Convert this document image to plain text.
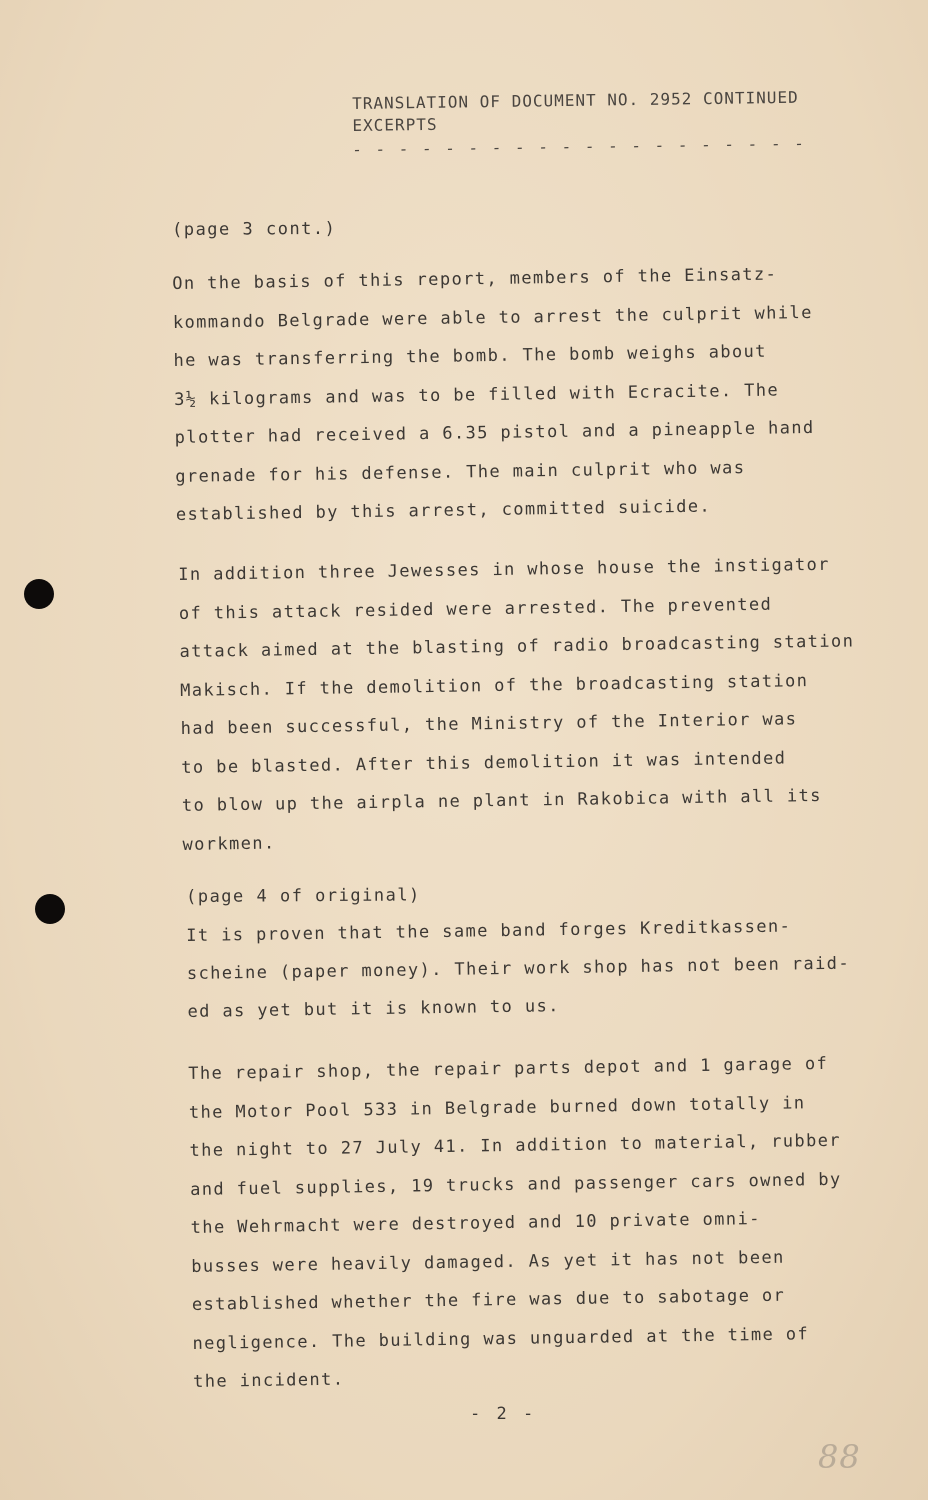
TRANSLATION OF DOCUMENT NO. 2952 CONTINUED
EXCERPTS
- - - - - - - - - - - - - - - - - - - -
(page 3 cont.)
On the basis of this report, members of the Einsatz-
kommando Belgrade were able to arrest the culprit while
he was transferring the bomb. The bomb weighs about
3½ kilograms and was to be filled with Ecracite. The
plotter had received a 6.35 pistol and a pineapple hand
grenade for his defense. The main culprit who was
established by this arrest, committed suicide.
In addition three Jewesses in whose house the instigator
of this attack resided were arrested. The prevented
attack aimed at the blasting of radio broadcasting station
Makisch. If the demolition of the broadcasting station
had been successful, the Ministry of the Interior was
to be blasted. After this demolition it was intended
to blow up the airpla ne plant in Rakobica with all its
workmen.
(page 4 of original)
It is proven that the same band forges Kreditkassen-
scheine (paper money). Their work shop has not been raid-
ed as yet but it is known to us.
The repair shop, the repair parts depot and 1 garage of
the Motor Pool 533 in Belgrade burned down totally in
the night to 27 July 41. In addition to material, rubber
and fuel supplies, 19 trucks and passenger cars owned by
the Wehrmacht were destroyed and 10 private omni-
busses were heavily damaged. As yet it has not been
established whether the fire was due to sabotage or
negligence. The building was unguarded at the time of
the incident.
- 2 -
88
